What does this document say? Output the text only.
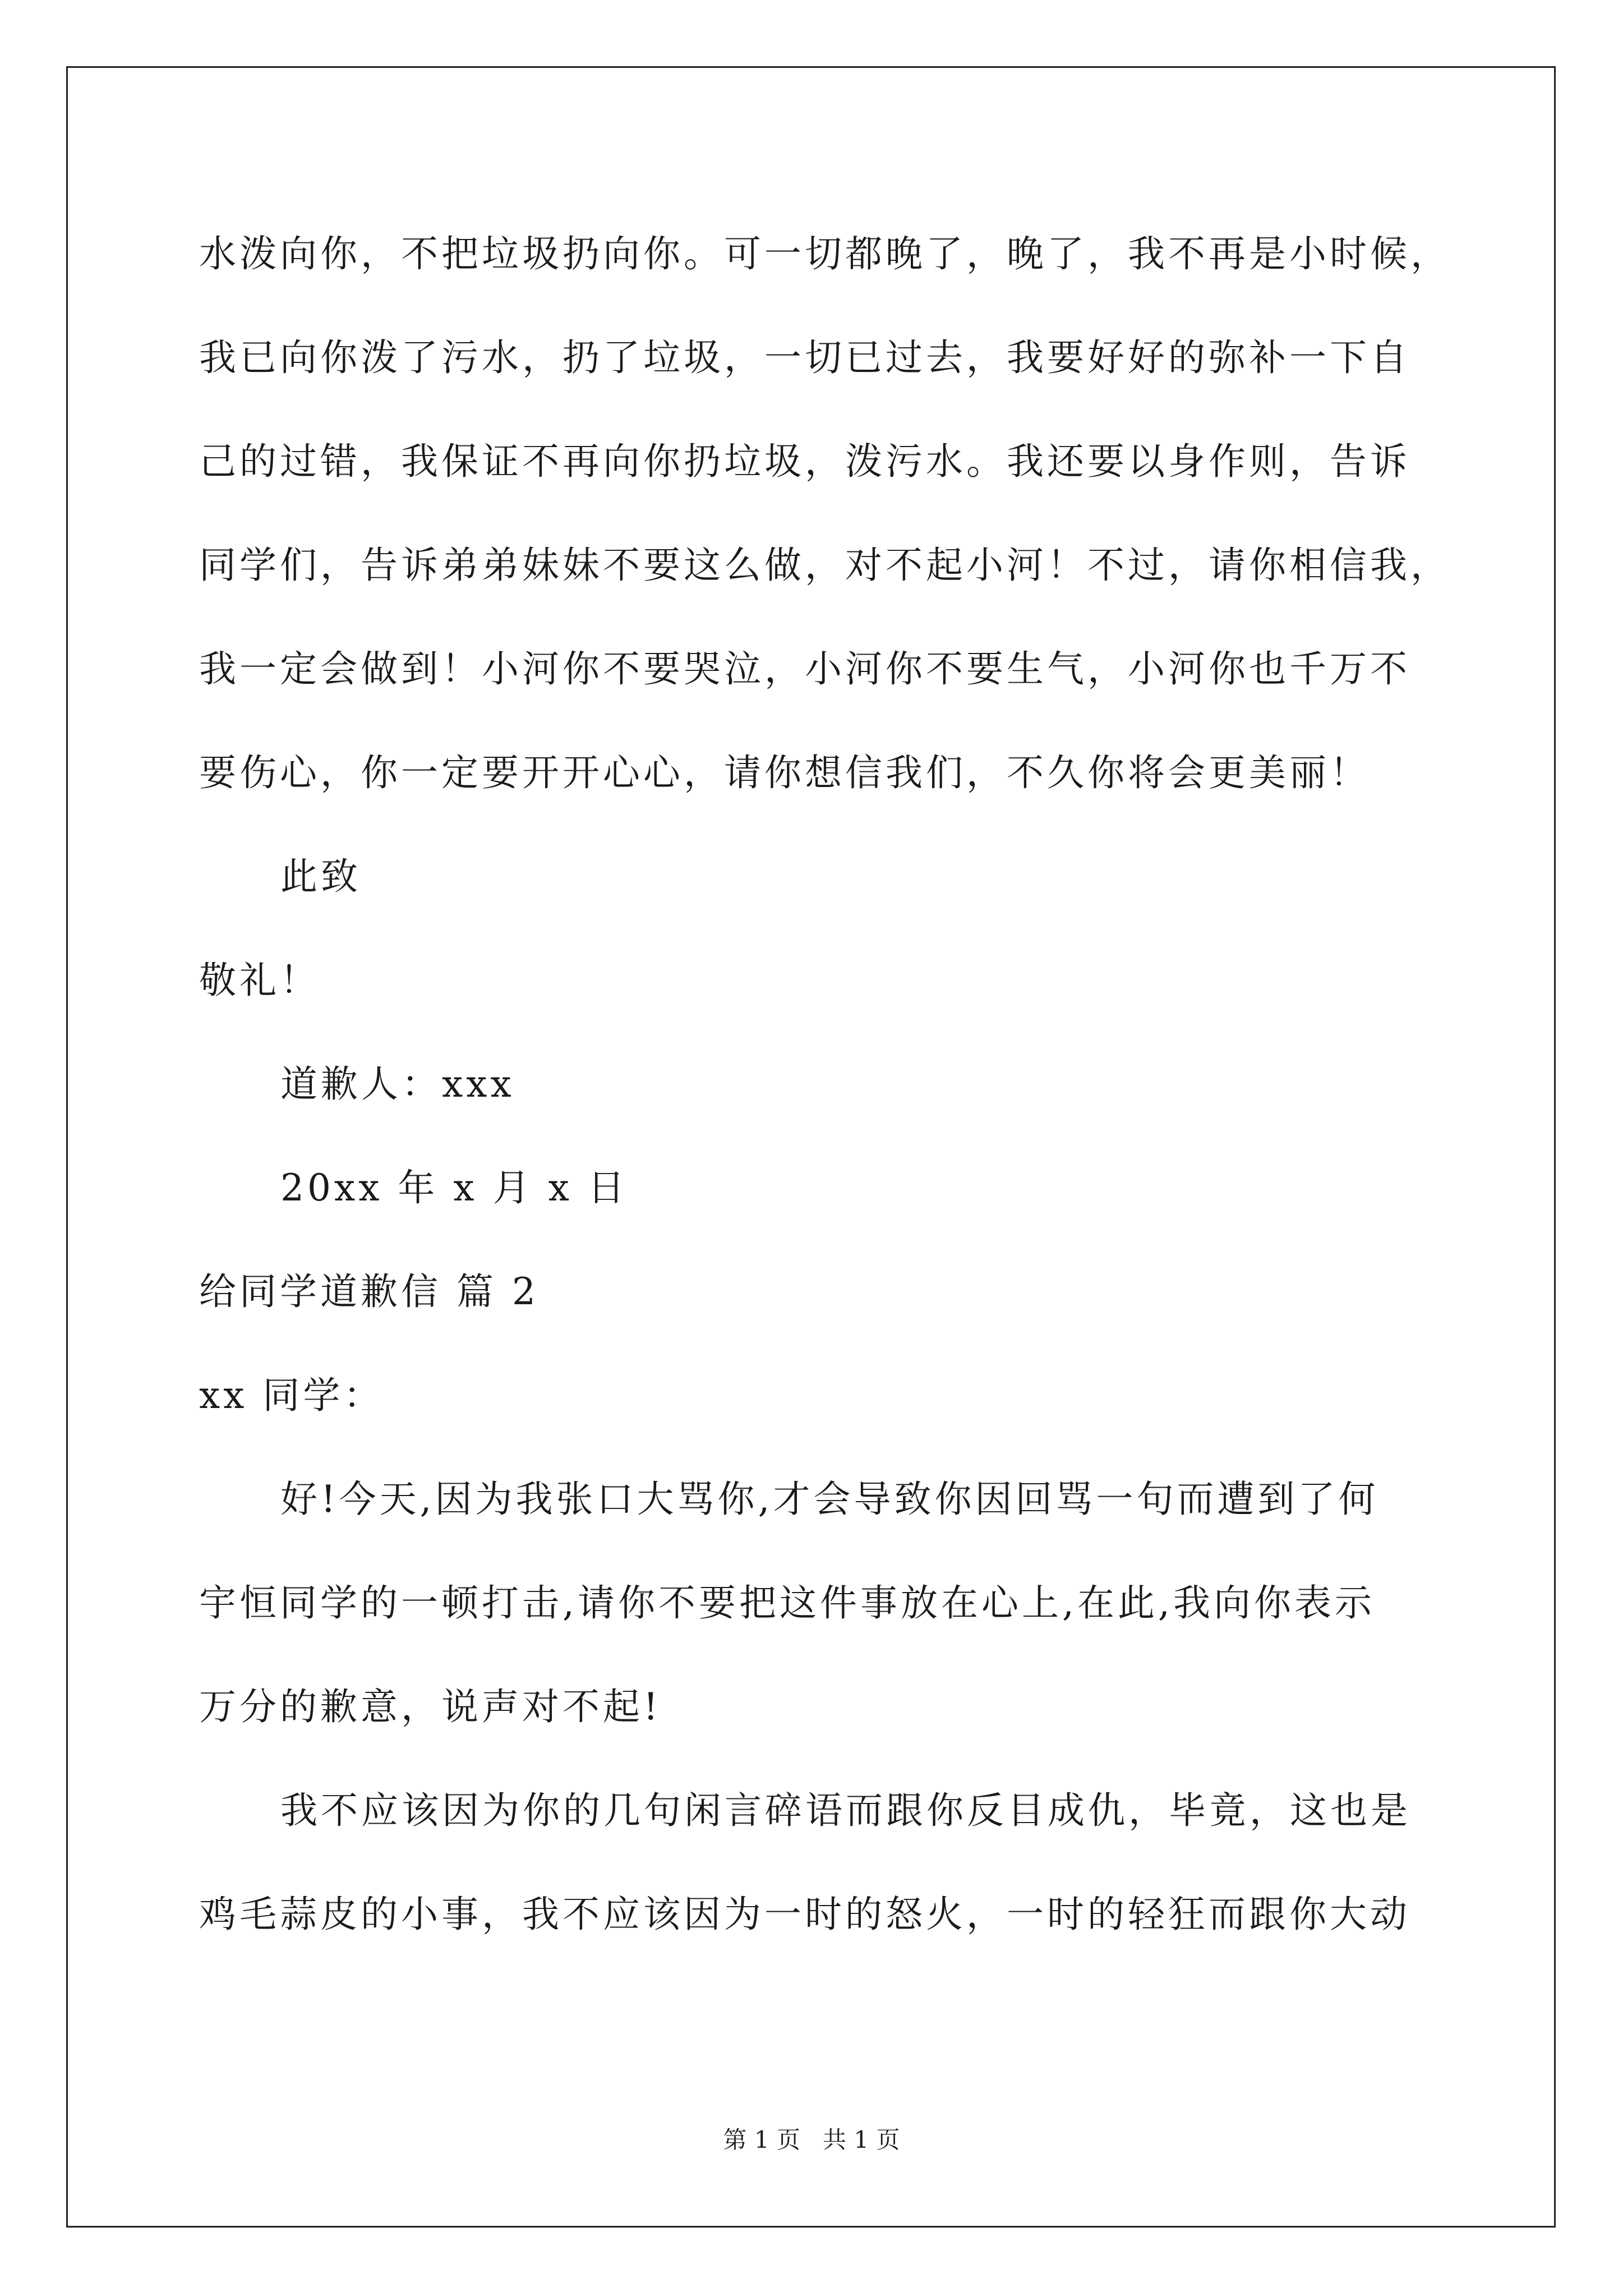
水泼向你，不把垃圾扔向你。可一切都晚了，晚了，我不再是小时候，
我已向你泼了污水，扔了垃圾，一切已过去，我要好好的弥补一下自
己的过错，我保证不再向你扔垃圾，泼污水。我还要以身作则，告诉
同学们，告诉弟弟妹妹不要这么做，对不起小河！不过，请你相信我，
我一定会做到！小河你不要哭泣，小河你不要生气，小河你也千万不
要伤心，你一定要开开心心，请你想信我们，不久你将会更美丽！
此致
敬礼！
道歉人：xxx
20xx 年 x 月 x 日
给同学道歉信 篇 2
xx 同学：
好!今天,因为我张口大骂你,才会导致你因回骂一句而遭到了何
宇恒同学的一顿打击,请你不要把这件事放在心上,在此,我向你表示
万分的歉意，说声对不起!
我不应该因为你的几句闲言碎语而跟你反目成仇，毕竟，这也是
鸡毛蒜皮的小事，我不应该因为一时的怒火，一时的轻狂而跟你大动
第 1 页   共 1 页
